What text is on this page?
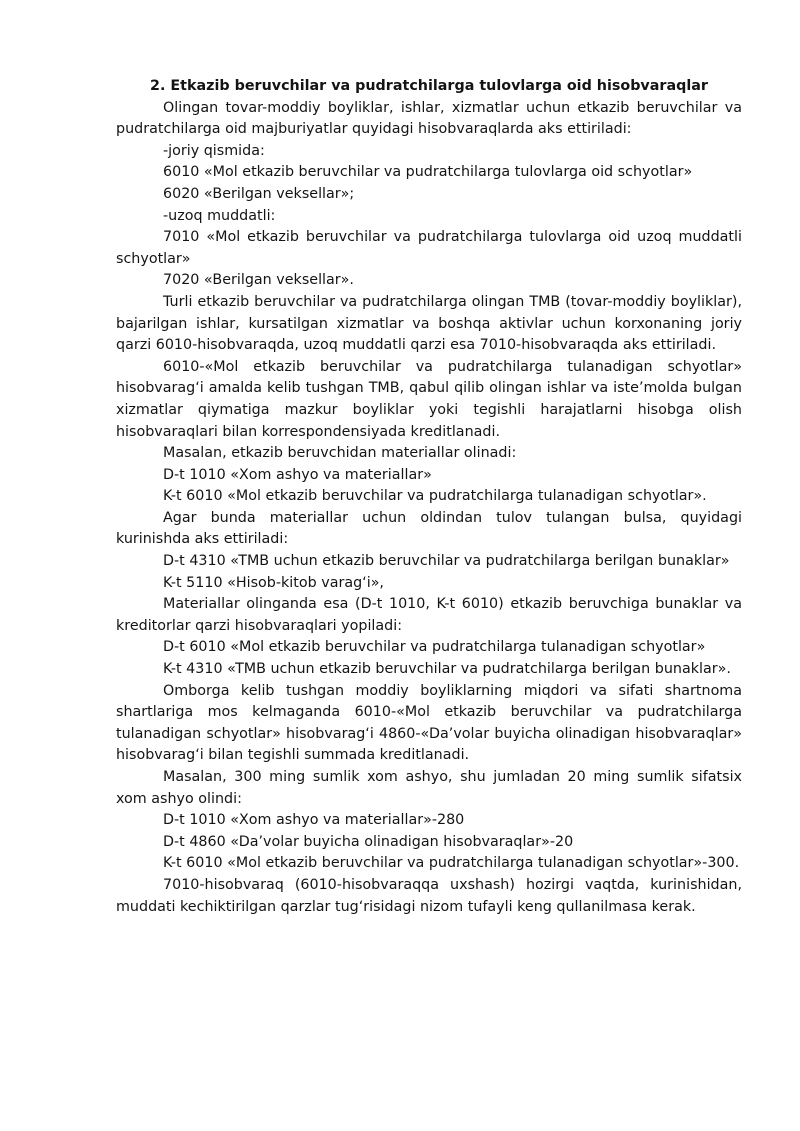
2. Etkazib beruvchilar va pudratchilarga tulovlarga oid hisobvaraqlar

Olingan tovar-moddiy boyliklar, ishlar, xizmatlar uchun etkazib beruvchilar va pudratchilarga oid majburiyatlar quyidagi hisobvaraqlarda aks ettiriladi:

-joriy qismida:

6010 «Mol etkazib beruvchilar va pudratchilarga tulovlarga oid schyotlar»

6020 «Berilgan veksellar»;

-uzoq muddatli:

7010 «Mol etkazib beruvchilar va pudratchilarga tulovlarga oid uzoq muddatli schyotlar»

7020 «Berilgan veksellar».

Turli etkazib beruvchilar va pudratchilarga olingan TMB (tovar-moddiy boyliklar), bajarilgan ishlar, kursatilgan xizmatlar va boshqa aktivlar uchun korxonaning joriy qarzi 6010-hisobvaraqda, uzoq muddatli qarzi esa 7010-hisobvaraqda aks ettiriladi.

6010-«Mol etkazib beruvchilar va pudratchilarga tulanadigan schyotlar» hisobvarag‘i amalda kelib tushgan TMB, qabul qilib olingan ishlar va iste’molda bulgan xizmatlar qiymatiga mazkur boyliklar yoki tegishli harajatlarni hisobga olish hisobvaraqlari bilan korrespondensiyada kreditlanadi.

Masalan, etkazib beruvchidan materiallar olinadi:

D-t 1010 «Xom ashyo va materiallar»

K-t 6010 «Mol etkazib beruvchilar va pudratchilarga tulanadigan schyotlar».

Agar bunda materiallar uchun oldindan tulov tulangan bulsa, quyidagi kurinishda aks ettiriladi:

D-t 4310 «TMB uchun etkazib beruvchilar va pudratchilarga berilgan bunaklar»

K-t 5110 «Hisob-kitob varag‘i»,

Materiallar olinganda esa (D-t 1010, K-t 6010) etkazib beruvchiga bunaklar va kreditorlar qarzi hisobvaraqlari yopiladi:

D-t 6010 «Mol etkazib beruvchilar va pudratchilarga tulanadigan schyotlar»

K-t 4310 «TMB uchun etkazib beruvchilar va pudratchilarga berilgan bunaklar».

Omborga kelib tushgan moddiy boyliklarning miqdori va sifati shartnoma shartlariga mos kelmaganda 6010-«Mol etkazib beruvchilar va pudratchilarga tulanadigan schyotlar» hisobvarag‘i 4860-«Da’volar buyicha olinadigan hisobvaraqlar» hisobvarag‘i bilan tegishli summada kreditlanadi.

Masalan, 300 ming sumlik xom ashyo, shu jumladan 20 ming sumlik sifatsix xom ashyo olindi:

D-t 1010 «Xom ashyo va materiallar»-280

D-t 4860 «Da’volar buyicha olinadigan hisobvaraqlar»-20

K-t 6010 «Mol etkazib beruvchilar va pudratchilarga tulanadigan schyotlar»-300.

7010-hisobvaraq (6010-hisobvaraqqa uxshash) hozirgi vaqtda, kurinishidan, muddati kechiktirilgan qarzlar tug‘risidagi nizom tufayli keng qullanilmasa kerak.
